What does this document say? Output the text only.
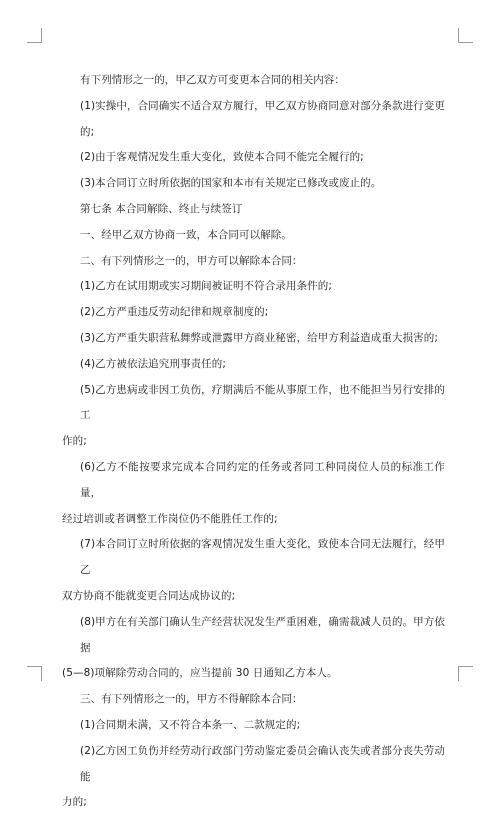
有下列情形之一的，甲乙双方可变更本合同的相关内容：

(1)实操中，合同确实不适合双方履行，甲乙双方协商同意对部分条款进行变更的;

(2)由于客观情况发生重大变化，致使本合同不能完全履行的;

(3)本合同订立时所依据的国家和本市有关规定已修改或废止的。

第七条 本合同解除、终止与续签订

一、经甲乙双方协商一致，本合同可以解除。

二、有下列情形之一的，甲方可以解除本合同：

(1)乙方在试用期或实习期间被证明不符合录用条件的;

(2)乙方严重违反劳动纪律和规章制度的;

(3)乙方严重失职营私舞弊或泄露甲方商业秘密，给甲方利益造成重大损害的;

(4)乙方被依法追究刑事责任的;

(5)乙方患病或非因工负伤，疗期满后不能从事原工作，也不能担当另行安排的工

作的;

(6)乙方不能按要求完成本合同约定的任务或者同工种同岗位人员的标准工作量，

经过培训或者调整工作岗位仍不能胜任工作的;

(7)本合同订立时所依据的客观情况发生重大变化，致使本合同无法履行，经甲乙

双方协商不能就变更合同达成协议的;

(8)甲方在有关部门确认生产经营状况发生严重困难，确需裁减人员的。甲方依据

(5—8)项解除劳动合同的，应当提前 30 日通知乙方本人。

三、有下列情形之一的，甲方不得解除本合同：

(1)合同期未满，又不符合本条一、二款规定的;

(2)乙方因工负伤并经劳动行政部门劳动鉴定委员会确认丧失或者部分丧失劳动能

力的;
